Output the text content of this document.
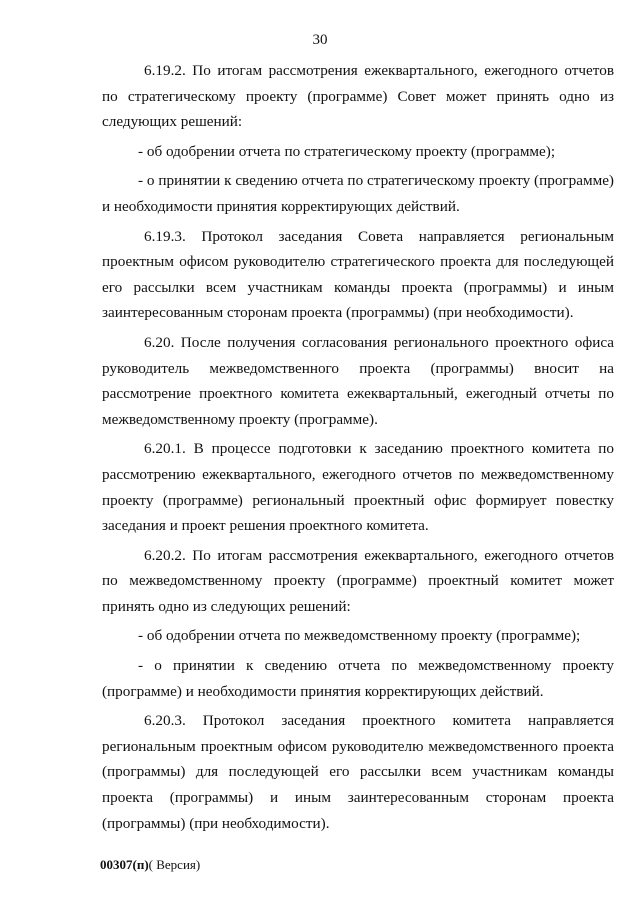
30

6.19.2. По итогам рассмотрения ежеквартального, ежегодного отчетов по стратегическому проекту (программе) Совет может принять одно из следующих решений:

- об одобрении отчета по стратегическому проекту (программе);

- о принятии к сведению отчета по стратегическому проекту (программе) и необходимости принятия корректирующих действий.

6.19.3. Протокол заседания Совета направляется региональным проектным офисом руководителю стратегического проекта для последующей его рассылки всем участникам команды проекта (программы) и иным заинтересованным сторонам проекта (программы) (при необходимости).

6.20. После получения согласования регионального проектного офиса руководитель межведомственного проекта (программы) вносит на рассмотрение проектного комитета ежеквартальный, ежегодный отчеты по межведомственному проекту (программе).

6.20.1. В процессе подготовки к заседанию проектного комитета по рассмотрению ежеквартального, ежегодного отчетов по межведомственному проекту (программе) региональный проектный офис формирует повестку заседания и проект решения проектного комитета.

6.20.2. По итогам рассмотрения ежеквартального, ежегодного отчетов по межведомственному проекту (программе) проектный комитет может принять одно из следующих решений:

- об одобрении отчета по межведомственному проекту (программе);

- о принятии к сведению отчета по межведомственному проекту (программе) и необходимости принятия корректирующих действий.

6.20.3. Протокол заседания проектного комитета направляется региональным проектным офисом руководителю межведомственного проекта (программы) для последующей его рассылки всем участникам команды проекта (программы) и иным заинтересованным сторонам проекта (программы) (при необходимости).

00307(п)( Версия)
